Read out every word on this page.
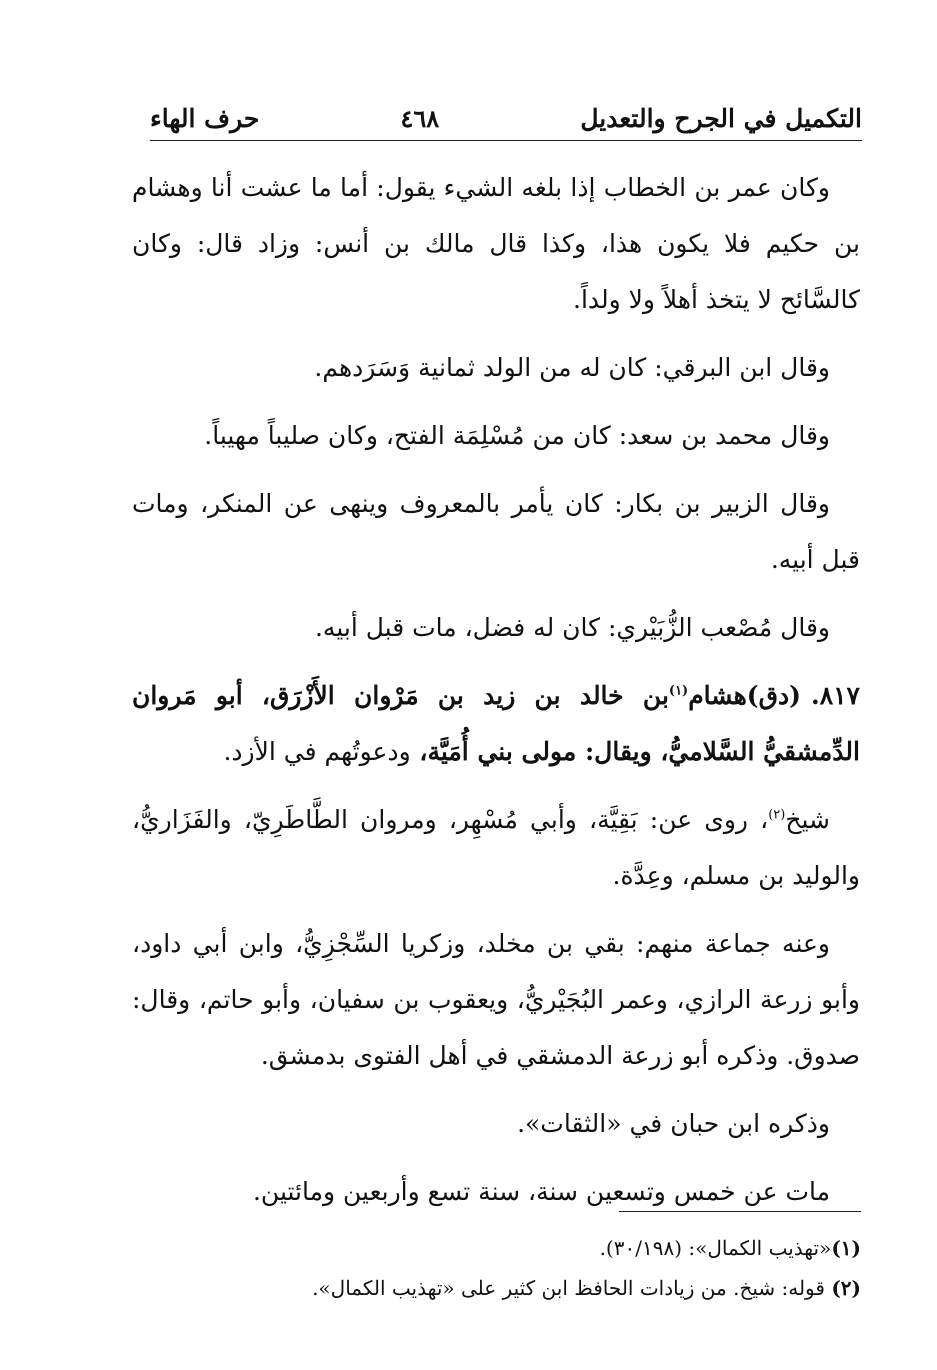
التكميل في الجرح والتعديل
٤٦٨
حرف الهاء

وكان عمر بن الخطاب إذا بلغه الشيء يقول: أما ما عشت أنا وهشام بن حكيم فلا يكون هذا، وكذا قال مالك بن أنس: وزاد قال: وكان كالسَّائح لا يتخذ أهلاً ولا ولداً.

وقال ابن البرقي: كان له من الولد ثمانية وَسَرَدهم.

وقال محمد بن سعد: كان من مُسْلِمَة الفتح، وكان صليباً مهيباً.

وقال الزبير بن بكار: كان يأمر بالمعروف وينهى عن المنكر، ومات قبل أبيه.

وقال مُصْعب الزُّبَيْري: كان له فضل، مات قبل أبيه.

٨١٧.(دق)هشام$^{(١)}$بن خالد بن زيد بن مَرْوان الأَزْرَق، أبو مَروان الدِّمشقيُّ السَّلاميُّ، ويقال: مولى بني أُمَيَّة، ودعوتُهم في الأزد.

شيخ$^{(٢)}$، روى عن: بَقِيَّة، وأبي مُسْهِر، ومروان الطَّاطَرِيّ، والفَزَاريُّ، والوليد بن مسلم، وعِدَّة.

وعنه جماعة منهم: بقي بن مخلد، وزكريا السِّجْزِيُّ، وابن أبي داود، وأبو زرعة الرازي، وعمر البُجَيْريُّ، ويعقوب بن سفيان، وأبو حاتم، وقال: صدوق. وذكره أبو زرعة الدمشقي في أهل الفتوى بدمشق.

وذكره ابن حبان في «الثقات».

مات عن خمس وتسعين سنة، سنة تسع وأربعين ومائتين.

(١)«تهذيب الكمال»: (٣٠/١٩٨).
(٢) قوله: شيخ. من زيادات الحافظ ابن كثير على «تهذيب الكمال».
